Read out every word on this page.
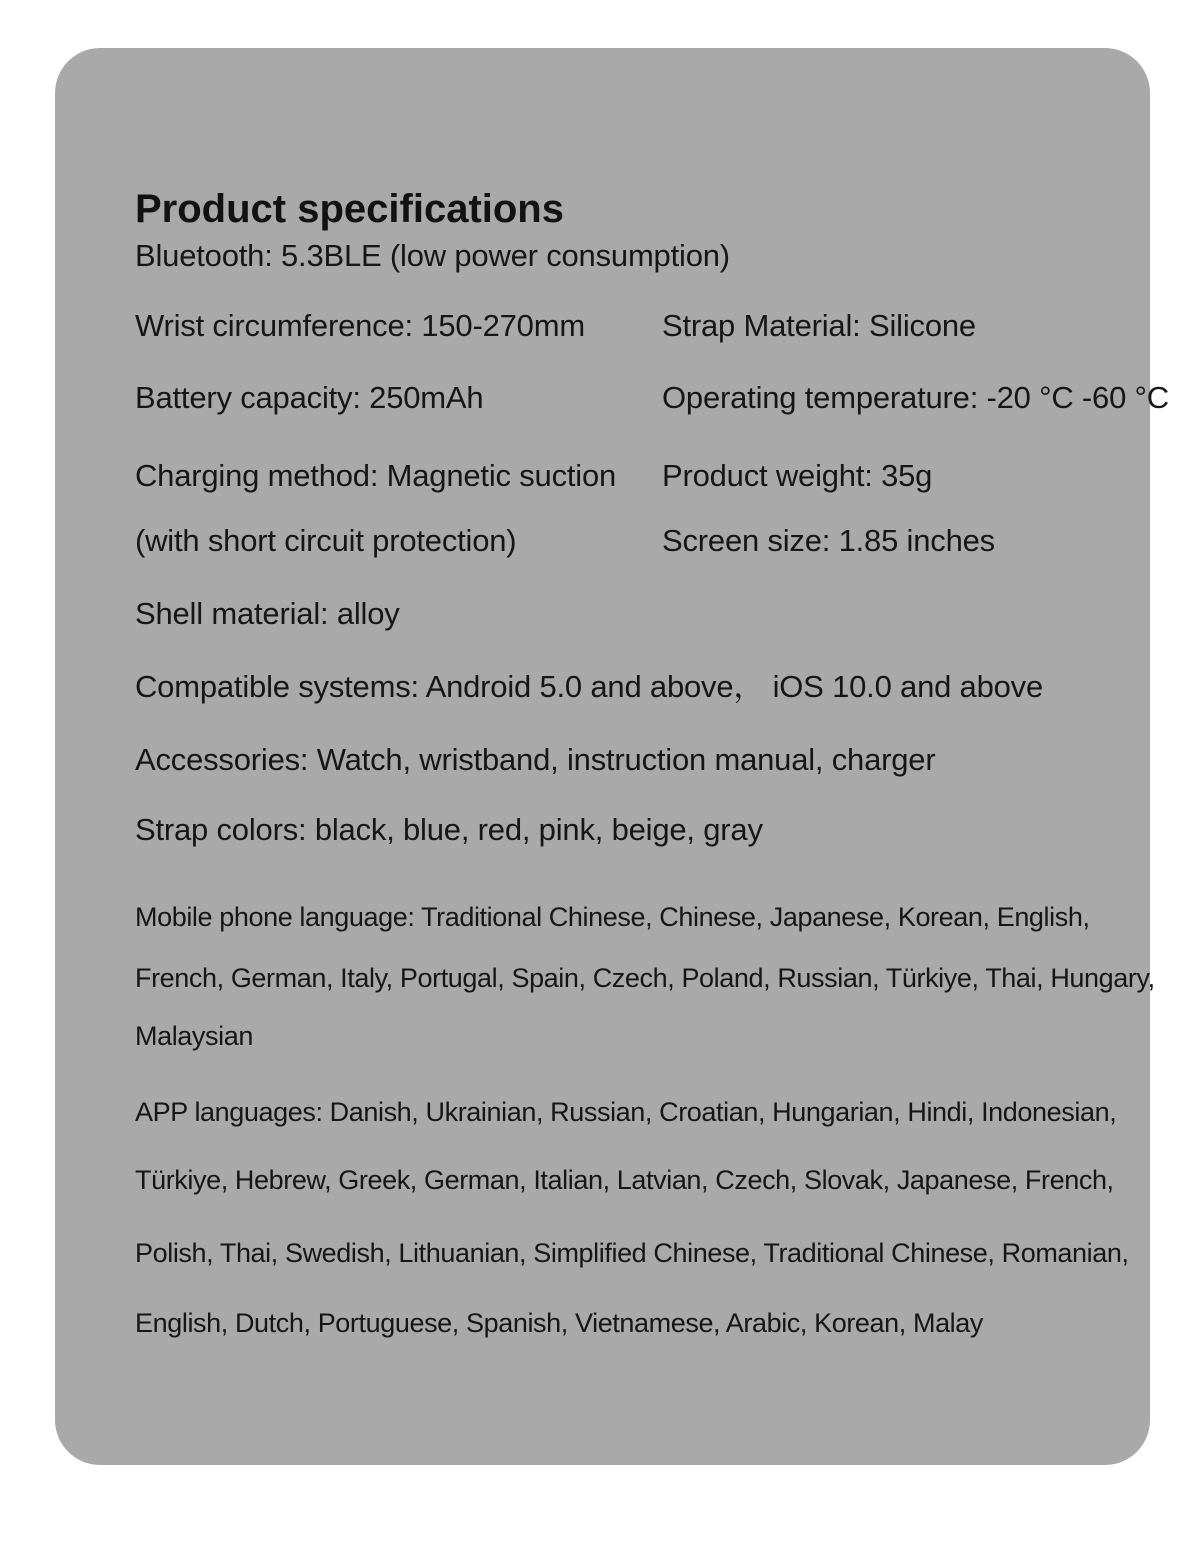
Product specifications
Bluetooth: 5.3BLE (low power consumption)
Wrist circumference: 150-270mm Strap Material: Silicone
Battery capacity: 250mAh	Operating temperature: -20 °C -60 °C
Charging method: Magnetic suction Product weight: 35g
(with short circuit protection)	Screen size: 1.85 inches
Shell material: alloy
Compatible systems: Android 5.0 and above， iOS 10.0 and above
Accessories: Watch, wristband, instruction manual, charger
Strap colors: black, blue, red, pink, beige, gray
Mobile phone language: Traditional Chinese, Chinese, Japanese, Korean, English,
French, German, Italy, Portugal, Spain, Czech, Poland, Russian, Türkiye, Thai, Hungary,
Malaysian
APP languages: Danish, Ukrainian, Russian, Croatian, Hungarian, Hindi, Indonesian,
Türkiye, Hebrew, Greek, German, Italian, Latvian, Czech, Slovak, Japanese, French,
Polish, Thai, Swedish, Lithuanian, Simplified Chinese, Traditional Chinese, Romanian,
English, Dutch, Portuguese, Spanish, Vietnamese, Arabic, Korean, Malay
